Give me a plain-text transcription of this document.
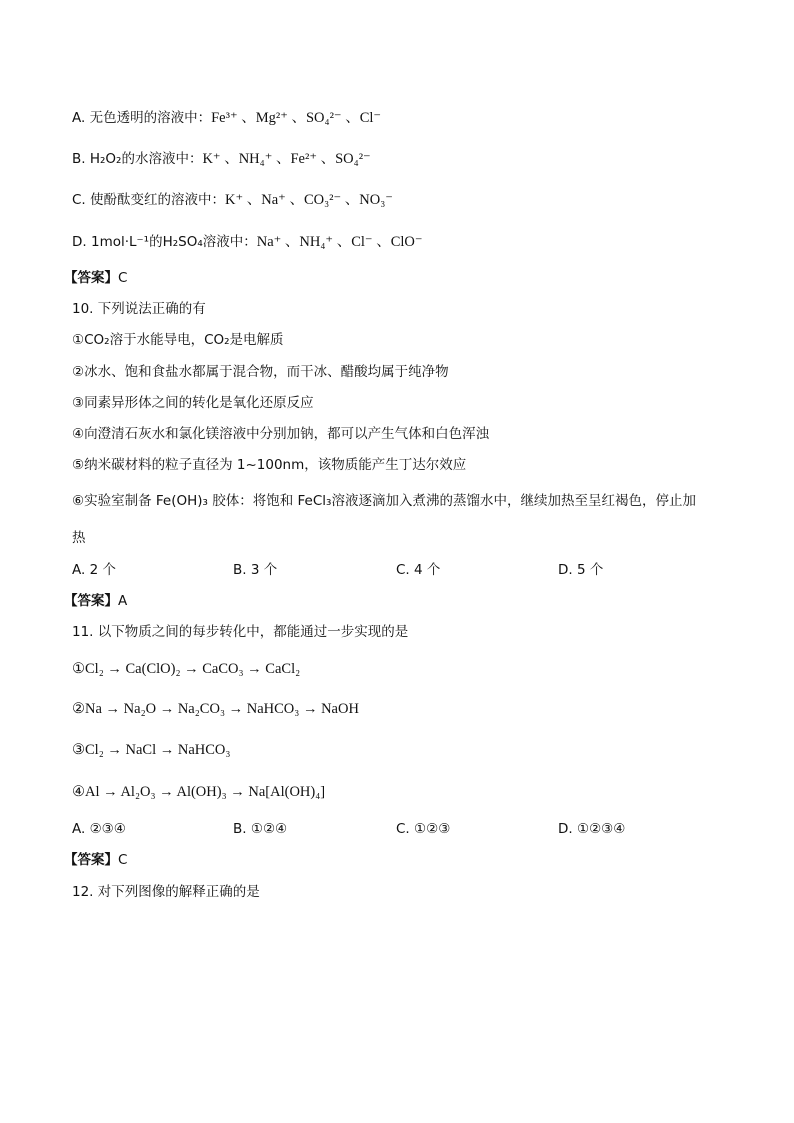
A. 无色透明的溶液中：Fe³⁺ 、Mg²⁺ 、SO₄²⁻ 、Cl⁻
B. H₂O₂的水溶液中：K⁺ 、NH₄⁺ 、Fe²⁺ 、SO₄²⁻
C. 使酚酞变红的溶液中：K⁺ 、Na⁺ 、CO₃²⁻ 、NO₃⁻
D. 1mol·L⁻¹的H₂SO₄溶液中：Na⁺ 、NH₄⁺ 、Cl⁻ 、ClO⁻
【答案】C
10. 下列说法正确的有
①CO₂溶于水能导电，CO₂是电解质
②冰水、饱和食盐水都属于混合物，而干冰、醋酸均属于纯净物
③同素异形体之间的转化是氧化还原反应
④向澄清石灰水和氯化镁溶液中分别加钠，都可以产生气体和白色浑浊
⑤纳米碳材料的粒子直径为 1~100nm，该物质能产生丁达尔效应
⑥实验室制备 Fe(OH)₃ 胶体：将饱和 FeCl₃溶液逐滴加入煮沸的蒸馏水中，继续加热至呈红褐色，停止加
热
A. 2 个	B. 3 个	C. 4 个	D. 5 个
【答案】A
11. 以下物质之间的每步转化中，都能通过一步实现的是
①Cl₂ → Ca(ClO)₂ → CaCO₃ → CaCl₂
②Na → Na₂O → Na₂CO₃ → NaHCO₃ → NaOH
③Cl₂ → NaCl → NaHCO₃
④Al → Al₂O₃ → Al(OH)₃ → Na[Al(OH)₄]
A. ②③④	B. ①②④	C. ①②③	D. ①②③④
【答案】C
12. 对下列图像的解释正确的是
